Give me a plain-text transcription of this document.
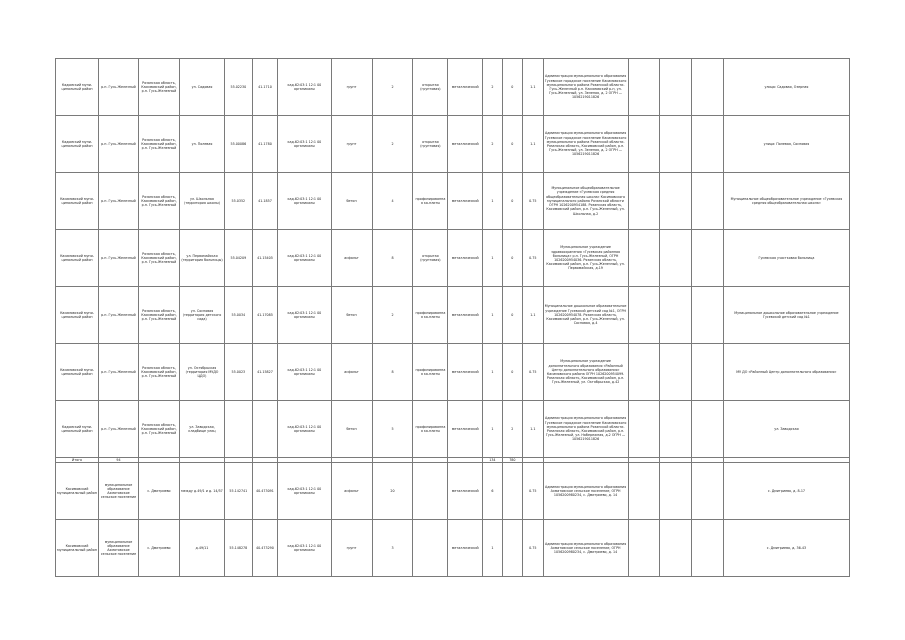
Кадомский муни-ципальный район	р.п. Гусь-Железный	Рязанская область, Касимовский район, р.п. Гусь-Железный	ул. Садовая	55.02230	41.1710	кад.62:03:1 12:1 00 органикалы	грунт	2	открытая (грунтовая)	металлический	2	0	1.1	Администрация муниципального образования Гусевское городское поселение Касимовского муниципального района Рязанской области. Гусь-Железный р.п. Касимовский р-н, ул. Гусь-Железный, ул. Зеленая, д. 2 ОГРН — 1056219011826				улица: Садовая, Озерная
Кадомский муни-ципальный район	р.п. Гусь-Железный	Рязанская область, Касимовский район, р.п. Гусь-Железный	ул. Полевая	55.00086	41.1780	кад.62:03:1 12:1 00 органикалы	грунт	2	открытая (грунтовая)	металлический	2	0	1.1	Администрация муниципального образования Гусевское городское поселение Касимовского муниципального района Рязанской области. Рязанская область, Касимовский район, р.п. Гусь-Железный, ул. Зеленая, д. 2 ОГРН — 1056219011826				улица: Полевая, Сосновая
Касимовский муни-ципальный район	р.п. Гусь-Железный	Рязанская область, Касимовский район, р.п. Гусь-Железный	ул. Школьная (территория школы)	55.0352	41.1857	кад.62:03:1 12:1 00 органикалы	бетон	4	профилированная ка-плиты	металлический	1	0	0.75	Муниципальное общеобразовательное учреждение «Гусевская средняя общеобразовательная школа» Касимовского муниципального района Рязанской области ОГРН 1026200954188. Рязанская область, Касимовский район, р.п. Гусь-Железный, ул. Школьная, д.2				Муниципальное общеобразовательное учреждение «Гусевская средняя общеобразовательная школа»
Касимовский муни-ципальный район	р.п. Гусь-Железный	Рязанская область, Касимовский район, р.п. Гусь-Железный	ул. Первомайская (территория больницы)	55.04209	41.15405	кад.62:03:1 12:1 00 органикалы	асфальт	8	открытая (грунтовая)	металлический	1	0	0.75	Муниципальное учреждение здравоохранения «Гусевская районная больница» р.п. Гусь-Железный, ОГРН 1026200954036. Рязанская область, Касимовский район, р.п. Гусь-Железный, ул. Первомайская, д.19				Гусевская участковая больница
Касимовский муни-ципальный район	р.п. Гусь-Железный	Рязанская область, Касимовский район, р.п. Гусь-Железный	ул. Сосновая (территория детского сада)	55.0034	41.17085	кад.62:03:1 12:1 00 органикалы	бетон	2	профилированная ка-плиты	металлический	1	0	1.1	Муниципальное дошкольное образовательное учреждение Гусевский детский сад №1, ОГРН 1026200954078. Рязанская область, Касимовский район, р.п. Гусь-Железный, ул. Сосновая, д.4				Муниципальное дошкольное образовательное учреждение Гусевский детский сад №1
Касимовский муни-ципальный район	р.п. Гусь-Железный	Рязанская область, Касимовский район, р.п. Гусь-Железный	ул. Октябрьская (территория МУДО ЦДО)	55.0023	41.15827	кад.62:03:1 12:1 00 органикалы	асфальт	8	профилированная ка-плиты	металлический	1	0	0.75	Муниципальное учреждение дополнительного образования «Районный Центр дополнительного образования» Касимовского района ОГРН 1026200954099. Рязанская область, Касимовский район, р.п. Гусь-Железный, ул. Октябрьская, д.42				МУ ДО «Районный Центр дополнительного образования»
Кадомский муни-ципальный район	р.п. Гусь-Железный	Рязанская область, Касимовский район, р.п. Гусь-Железный	ул. Заводская, кладбище улиц			кад.62:03:1 12:1 00 органикалы	бетон	5	профилированная ка-плиты	металлический	1	2	1.1	Администрация муниципального образования Гусевское городское поселение Касимовского муниципального района Рязанской области. Рязанская область, Касимовский район, р.п. Гусь-Железный, ул. Набережная, д.2 ОГРН — 1056219011826				ул. Заводская
Итого	94										134	780						
Касимовский муниципальный район	муниципальное образование Ахматовское сельское поселение	с. Дмитриево	между д.49/1 и д. 14/57	55.142741	40.473091	кад.62:03:1 12:1 00 органикалы	асфальт	20		металлический	6		0.75	Администрация муниципального образования Ахматовское сельское поселение, ОГРН 1056200980234, с. Дмитриево, д. 14				с. Дмитриево, д. 8-17
Касимовский муниципальный район	муниципальное образование Ахматовское сельское поселение	с. Дмитриево	д.49/11	55.148278	40.473290	кад.62:03:1 12:1 00 органикалы	грунт	3		металлический	1		0.75	Администрация муниципального образования Ахматовское сельское поселение, ОГРН 1056200980234, с. Дмитриево, д. 14				с. Дмитриево, д. 36-43
